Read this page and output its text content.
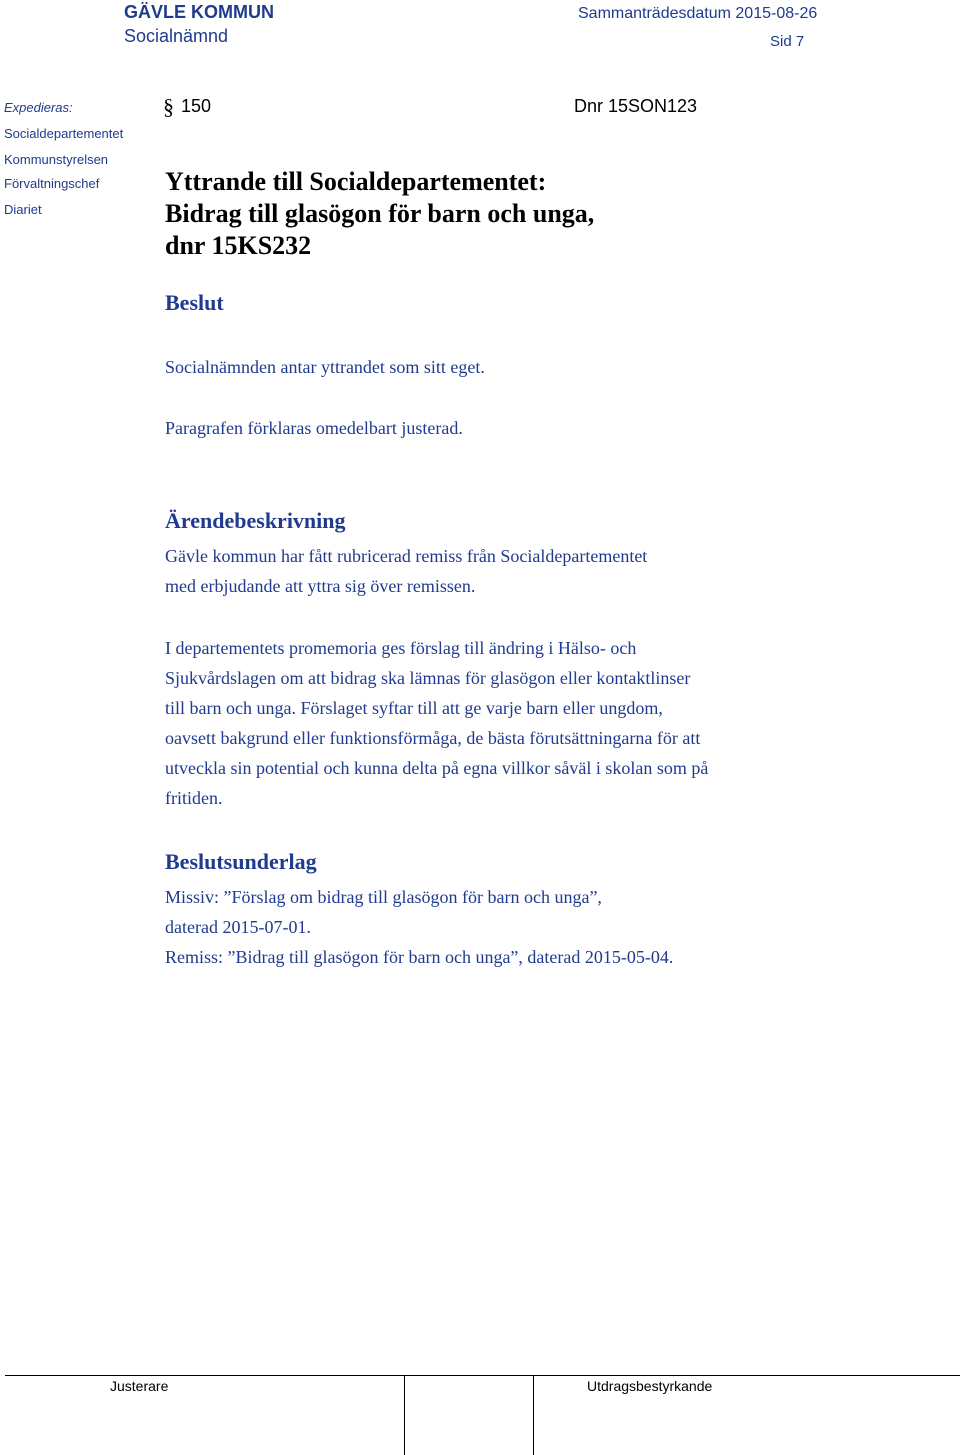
GÄVLE KOMMUN
Socialnämnd
Sammanträdesdatum 2015-08-26
Sid 7
Expedieras:
Socialdepartementet
Kommunstyrelsen
Förvaltningschef
Diariet
§ 150	Dnr 15SON123
Yttrande till Socialdepartementet:
Bidrag till glasögon för barn och unga,
dnr 15KS232
Beslut
Socialnämnden antar yttrandet som sitt eget.
Paragrafen förklaras omedelbart justerad.
Ärendebeskrivning
Gävle kommun har fått rubricerad remiss från Socialdepartementet
med erbjudande att yttra sig över remissen.
I departementets promemoria ges förslag till ändring i Hälso- och
Sjukvårdslagen om att bidrag ska lämnas för glasögon eller kontaktlinser
till barn och unga. Förslaget syftar till att ge varje barn eller ungdom,
oavsett bakgrund eller funktionsförmåga, de bästa förutsättningarna för att
utveckla sin potential och kunna delta på egna villkor såväl i skolan som på
fritiden.
Beslutsunderlag
Missiv: ”Förslag om bidrag till glasögon för barn och unga”,
daterad 2015-07-01.
Remiss: ”Bidrag till glasögon för barn och unga”, daterad 2015-05-04.
Justerare	Utdragsbestyrkande
